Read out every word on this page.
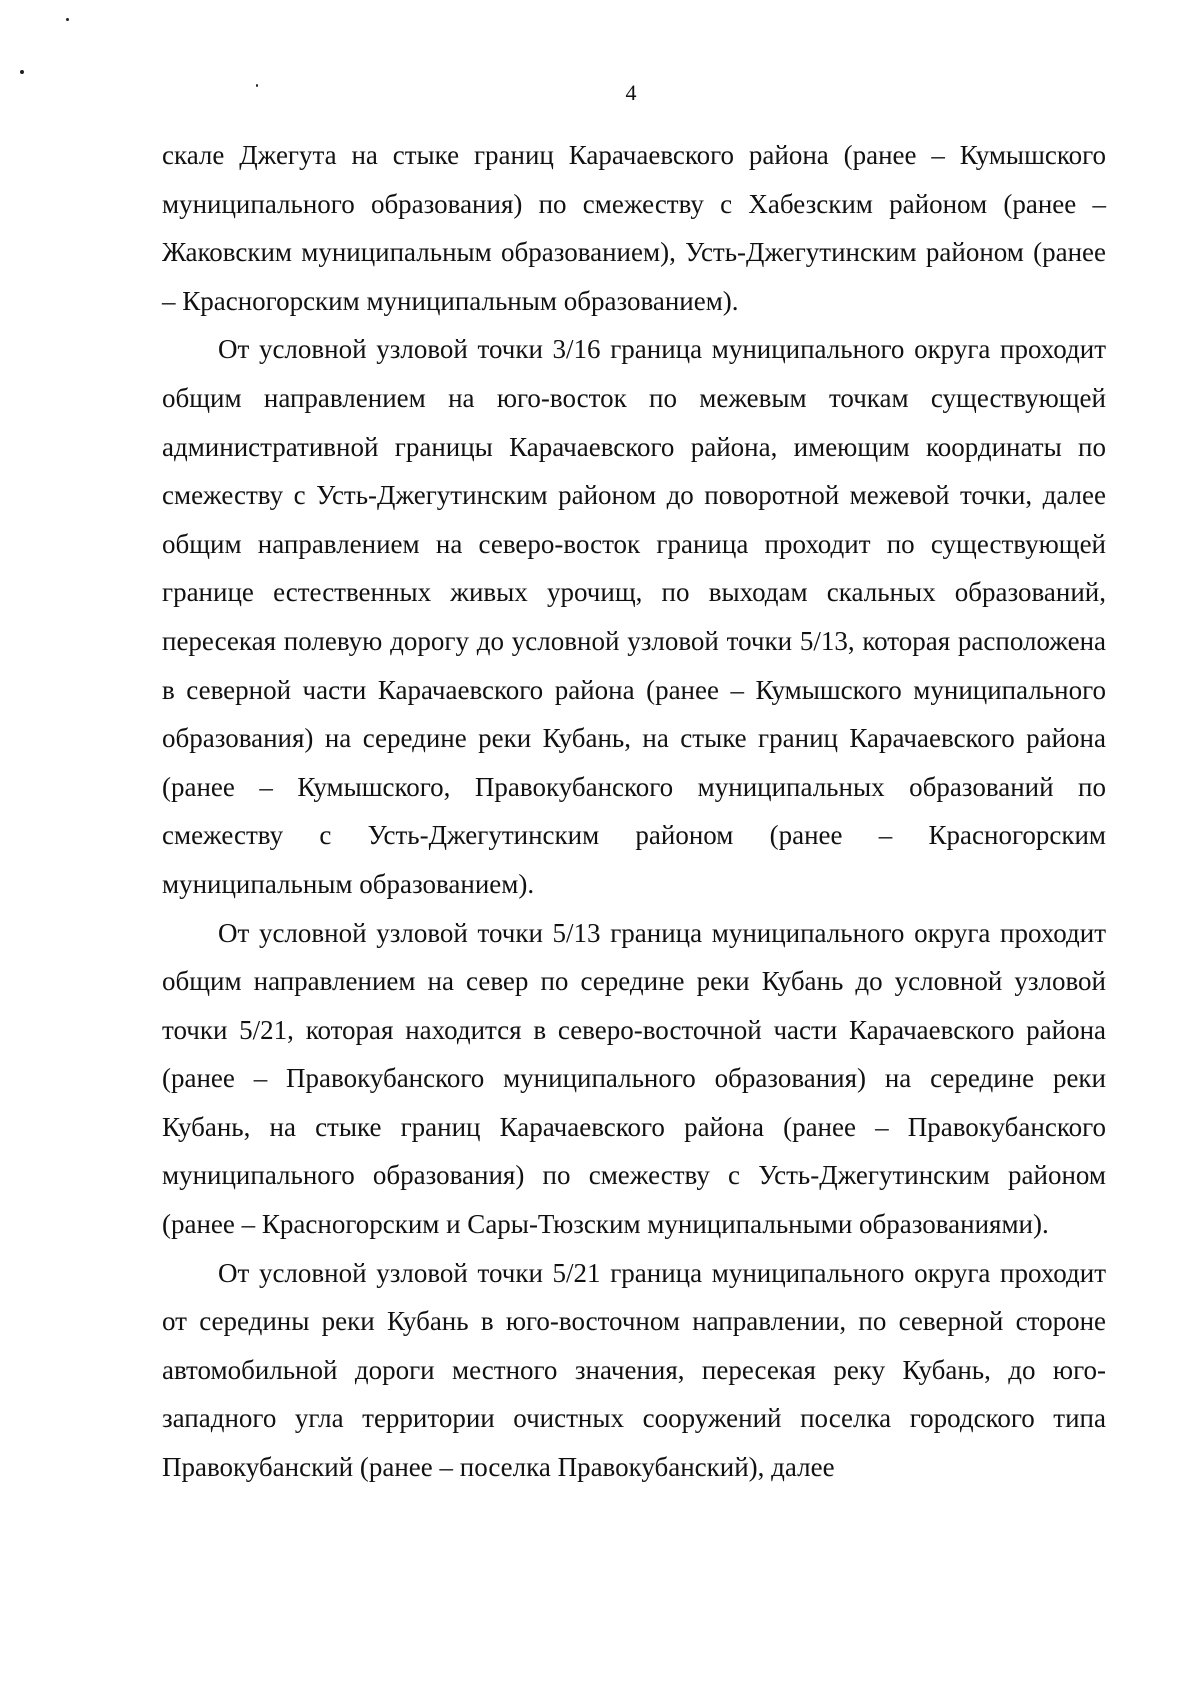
4

скале Джегута на стыке границ Карачаевского района (ранее – Кумышского муниципального образования) по смежеству с Хабезским районом (ранее – Жаковским муниципальным образованием), Усть-Джегутинским районом (ранее – Красногорским муниципальным образованием).

От условной узловой точки 3/16 граница муниципального округа проходит общим направлением на юго-восток по межевым точкам существующей административной границы Карачаевского района, имеющим координаты по смежеству с Усть-Джегутинским районом до поворотной межевой точки, далее общим направлением на северо-восток граница проходит по существующей границе естественных живых урочищ, по выходам скальных образований, пересекая полевую дорогу до условной узловой точки 5/13, которая расположена в северной части Карачаевского района (ранее – Кумышского муниципального образования) на середине реки Кубань, на стыке границ Карачаевского района (ранее – Кумышского, Правокубанского муниципальных образований по смежеству с Усть-Джегутинским районом (ранее – Красногорским муниципальным образованием).

От условной узловой точки 5/13 граница муниципального округа проходит общим направлением на север по середине реки Кубань до условной узловой точки 5/21, которая находится в северо-восточной части Карачаевского района (ранее – Правокубанского муниципального образования) на середине реки Кубань, на стыке границ Карачаевского района (ранее – Правокубанского муниципального образования) по смежеству с Усть-Джегутинским районом (ранее – Красногорским и Сары-Тюзским муниципальными образованиями).

От условной узловой точки 5/21 граница муниципального округа проходит от середины реки Кубань в юго-восточном направлении, по северной стороне автомобильной дороги местного значения, пересекая реку Кубань, до юго-западного угла территории очистных сооружений поселка городского типа Правокубанский (ранее – поселка Правокубанский), далее
